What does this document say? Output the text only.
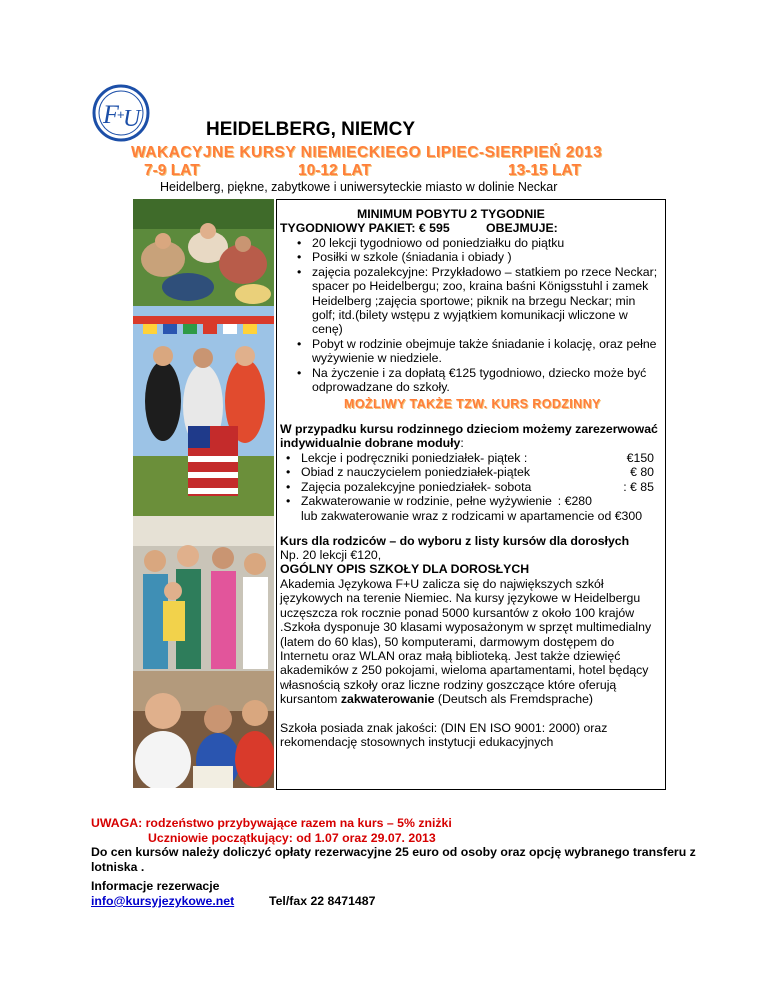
F
+
U	HEIDELBERG, NIEMCY
WAKACYJNE KURSY NIEMIECKIEGO LIPIEC-SIERPIEŃ 2013
7-9 LAT	10-12 LAT	13-15 LAT
Heidelberg, piękne, zabytkowe i uniwersyteckie miasto w dolinie Neckar
MINIMUM POBYTU 2 TYGODNIE
TYGODNIOWY PAKIET: € 595	OBEJMUJE:
• 20 lekcji tygodniowo od poniedziałku do piątku
• Posiłki w szkole (śniadania i obiady )
• zajęcia pozalekcyjne: Przykładowo – statkiem po rzece Neckar; spacer po Heidelbergu; zoo, kraina baśni Königsstuhl i zamek Heidelberg ;zajęcia sportowe; piknik na brzegu Neckar; min golf; itd.(bilety wstępu z wyjątkiem komunikacji wliczone w cenę)
• Pobyt w rodzinie obejmuje także śniadanie i kolację, oraz pełne wyżywienie w niedziele.
• Na życzenie i za dopłatą €125 tygodniowo, dziecko może być odprowadzane do szkoły.
MOŻLIWY TAKŻE TZW. KURS RODZINNY
W przypadku kursu rodzinnego dzieciom możemy zarezerwować indywidualnie dobrane moduły:
• Lekcje i podręczniki poniedziałek- piątek :	€150
• Obiad z nauczycielem poniedziałek-piątek	€ 80
• Zajęcia pozalekcyjne poniedziałek- sobota	: € 85
• Zakwaterowanie w rodzinie, pełne wyżywienie : €280
lub zakwaterowanie wraz z rodzicami w apartamencie od €300
Kurs dla rodziców – do wyboru z listy kursów dla dorosłych
Np. 20 lekcji €120,
OGÓLNY OPIS SZKOŁY DLA DOROSŁYCH
Akademia Językowa F+U zalicza się do największych szkół językowych na terenie Niemiec. Na kursy językowe w Heidelbergu uczęszcza rok rocznie ponad 5000 kursantów z około 100 krajów .Szkoła dysponuje 30 klasami wyposażonym w sprzęt multimedialny (latem do 60 klas), 50 komputerami, darmowym dostępem do Internetu oraz WLAN oraz małą biblioteką. Jest także dziewięć akademików z 250 pokojami, wieloma apartamentami, hotel będący własnością szkoły oraz liczne rodziny goszczące które oferują kursantom zakwaterowanie (Deutsch als Fremdsprache)
Szkoła posiada znak jakości: (DIN EN ISO 9001: 2000) oraz rekomendację stosownych instytucji edukacyjnych
UWAGA: rodzeństwo przybywające razem na kurs – 5% zniżki
Uczniowie początkujący: od 1.07 oraz 29.07. 2013
Do cen kursów należy doliczyć opłaty rezerwacyjne 25 euro od osoby oraz opcję wybranego transferu z lotniska .
Informacje rezerwacje
info@kursyjezykowe.net	Tel/fax 22 8471487
